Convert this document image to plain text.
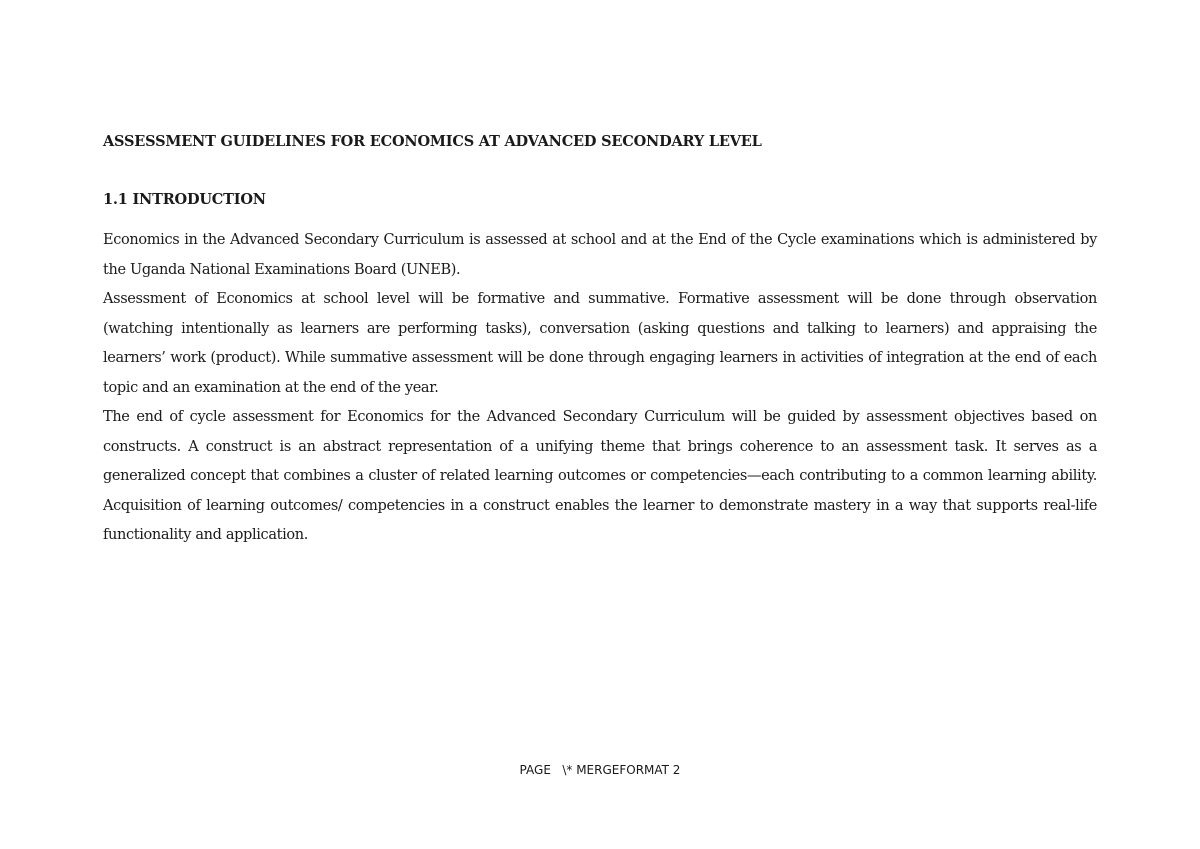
ASSESSMENT GUIDELINES FOR ECONOMICS AT ADVANCED SECONDARY LEVEL
1.1 INTRODUCTION

Economics in the Advanced Secondary Curriculum is assessed at school and at the End of the Cycle examinations which is administered by the Uganda National Examinations Board (UNEB).

Assessment of Economics at school level will be formative and summative. Formative assessment will be done through observation (watching intentionally as learners are performing tasks), conversation (asking questions and talking to learners) and appraising the learners’ work (product). While summative assessment will be done through engaging learners in activities of integration at the end of each topic and an examination at the end of the year.

The end of cycle assessment for Economics for the Advanced Secondary Curriculum will be guided by assessment objectives based on constructs. A construct is an abstract representation of a unifying theme that brings coherence to an assessment task. It serves as a generalized concept that combines a cluster of related learning outcomes or competencies—each contributing to a common learning ability. Acquisition of learning outcomes/ competencies in a construct enables the learner to demonstrate mastery in a way that supports real-life functionality and application.

PAGE   \* MERGEFORMAT 2
